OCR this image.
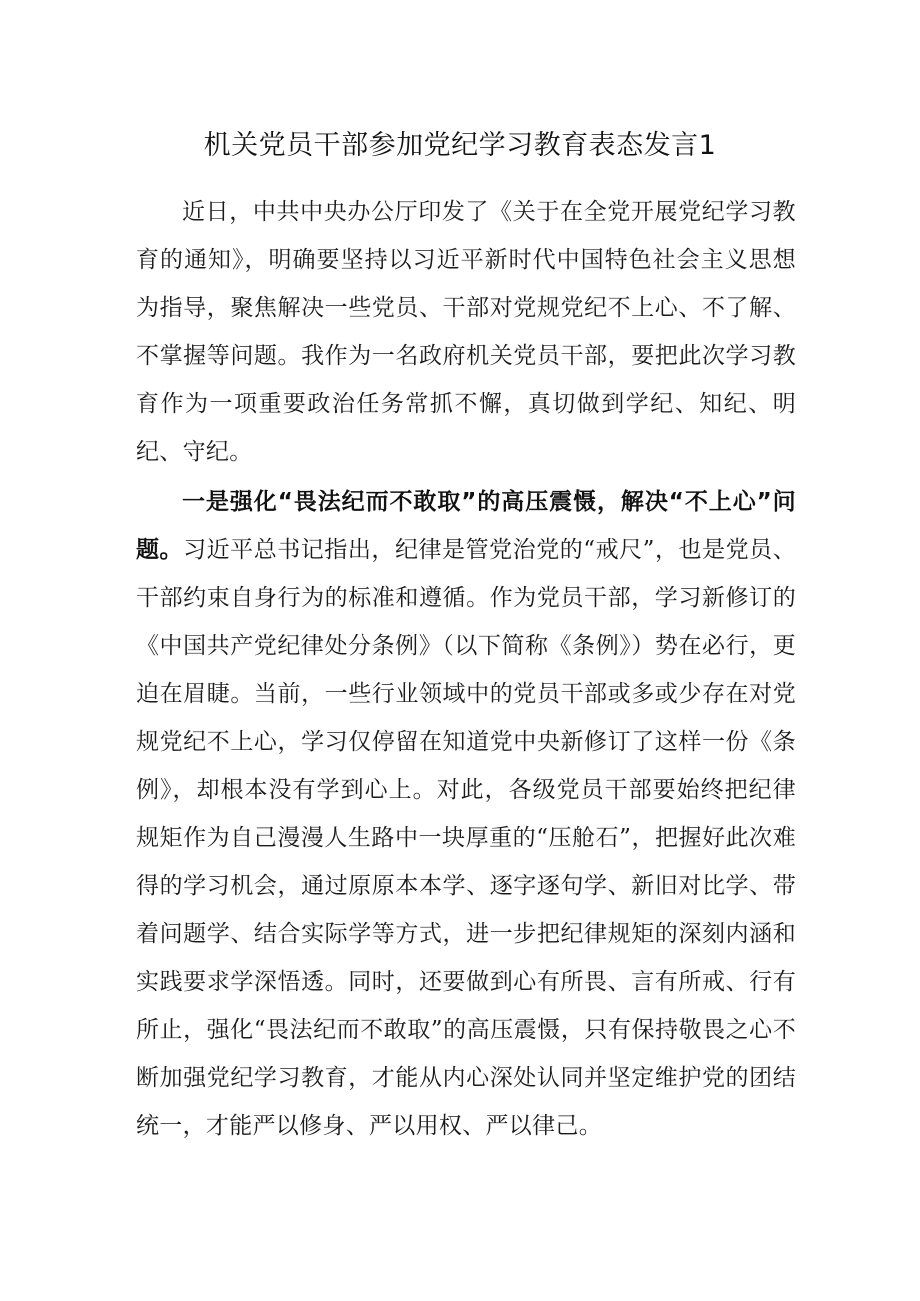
机关党员干部参加党纪学习教育表态发言1

近日，中共中央办公厅印发了《关于在全党开展党纪学习教育的通知》，明确要坚持以习近平新时代中国特色社会主义思想为指导，聚焦解决一些党员、干部对党规党纪不上心、不了解、不掌握等问题。我作为一名政府机关党员干部，要把此次学习教育作为一项重要政治任务常抓不懈，真切做到学纪、知纪、明纪、守纪。

一是强化“畏法纪而不敢取”的高压震慑，解决“不上心”问题。习近平总书记指出，纪律是管党治党的“戒尺”，也是党员、干部约束自身行为的标准和遵循。作为党员干部，学习新修订的《中国共产党纪律处分条例》（以下简称《条例》）势在必行，更迫在眉睫。当前，一些行业领域中的党员干部或多或少存在对党规党纪不上心，学习仅停留在知道党中央新修订了这样一份《条例》，却根本没有学到心上。对此，各级党员干部要始终把纪律规矩作为自己漫漫人生路中一块厚重的“压舱石”，把握好此次难得的学习机会，通过原原本本学、逐字逐句学、新旧对比学、带着问题学、结合实际学等方式，进一步把纪律规矩的深刻内涵和实践要求学深悟透。同时，还要做到心有所畏、言有所戒、行有所止，强化“畏法纪而不敢取”的高压震慑，只有保持敬畏之心不断加强党纪学习教育，才能从内心深处认同并坚定维护党的团结统一，才能严以修身、严以用权、严以律己。
